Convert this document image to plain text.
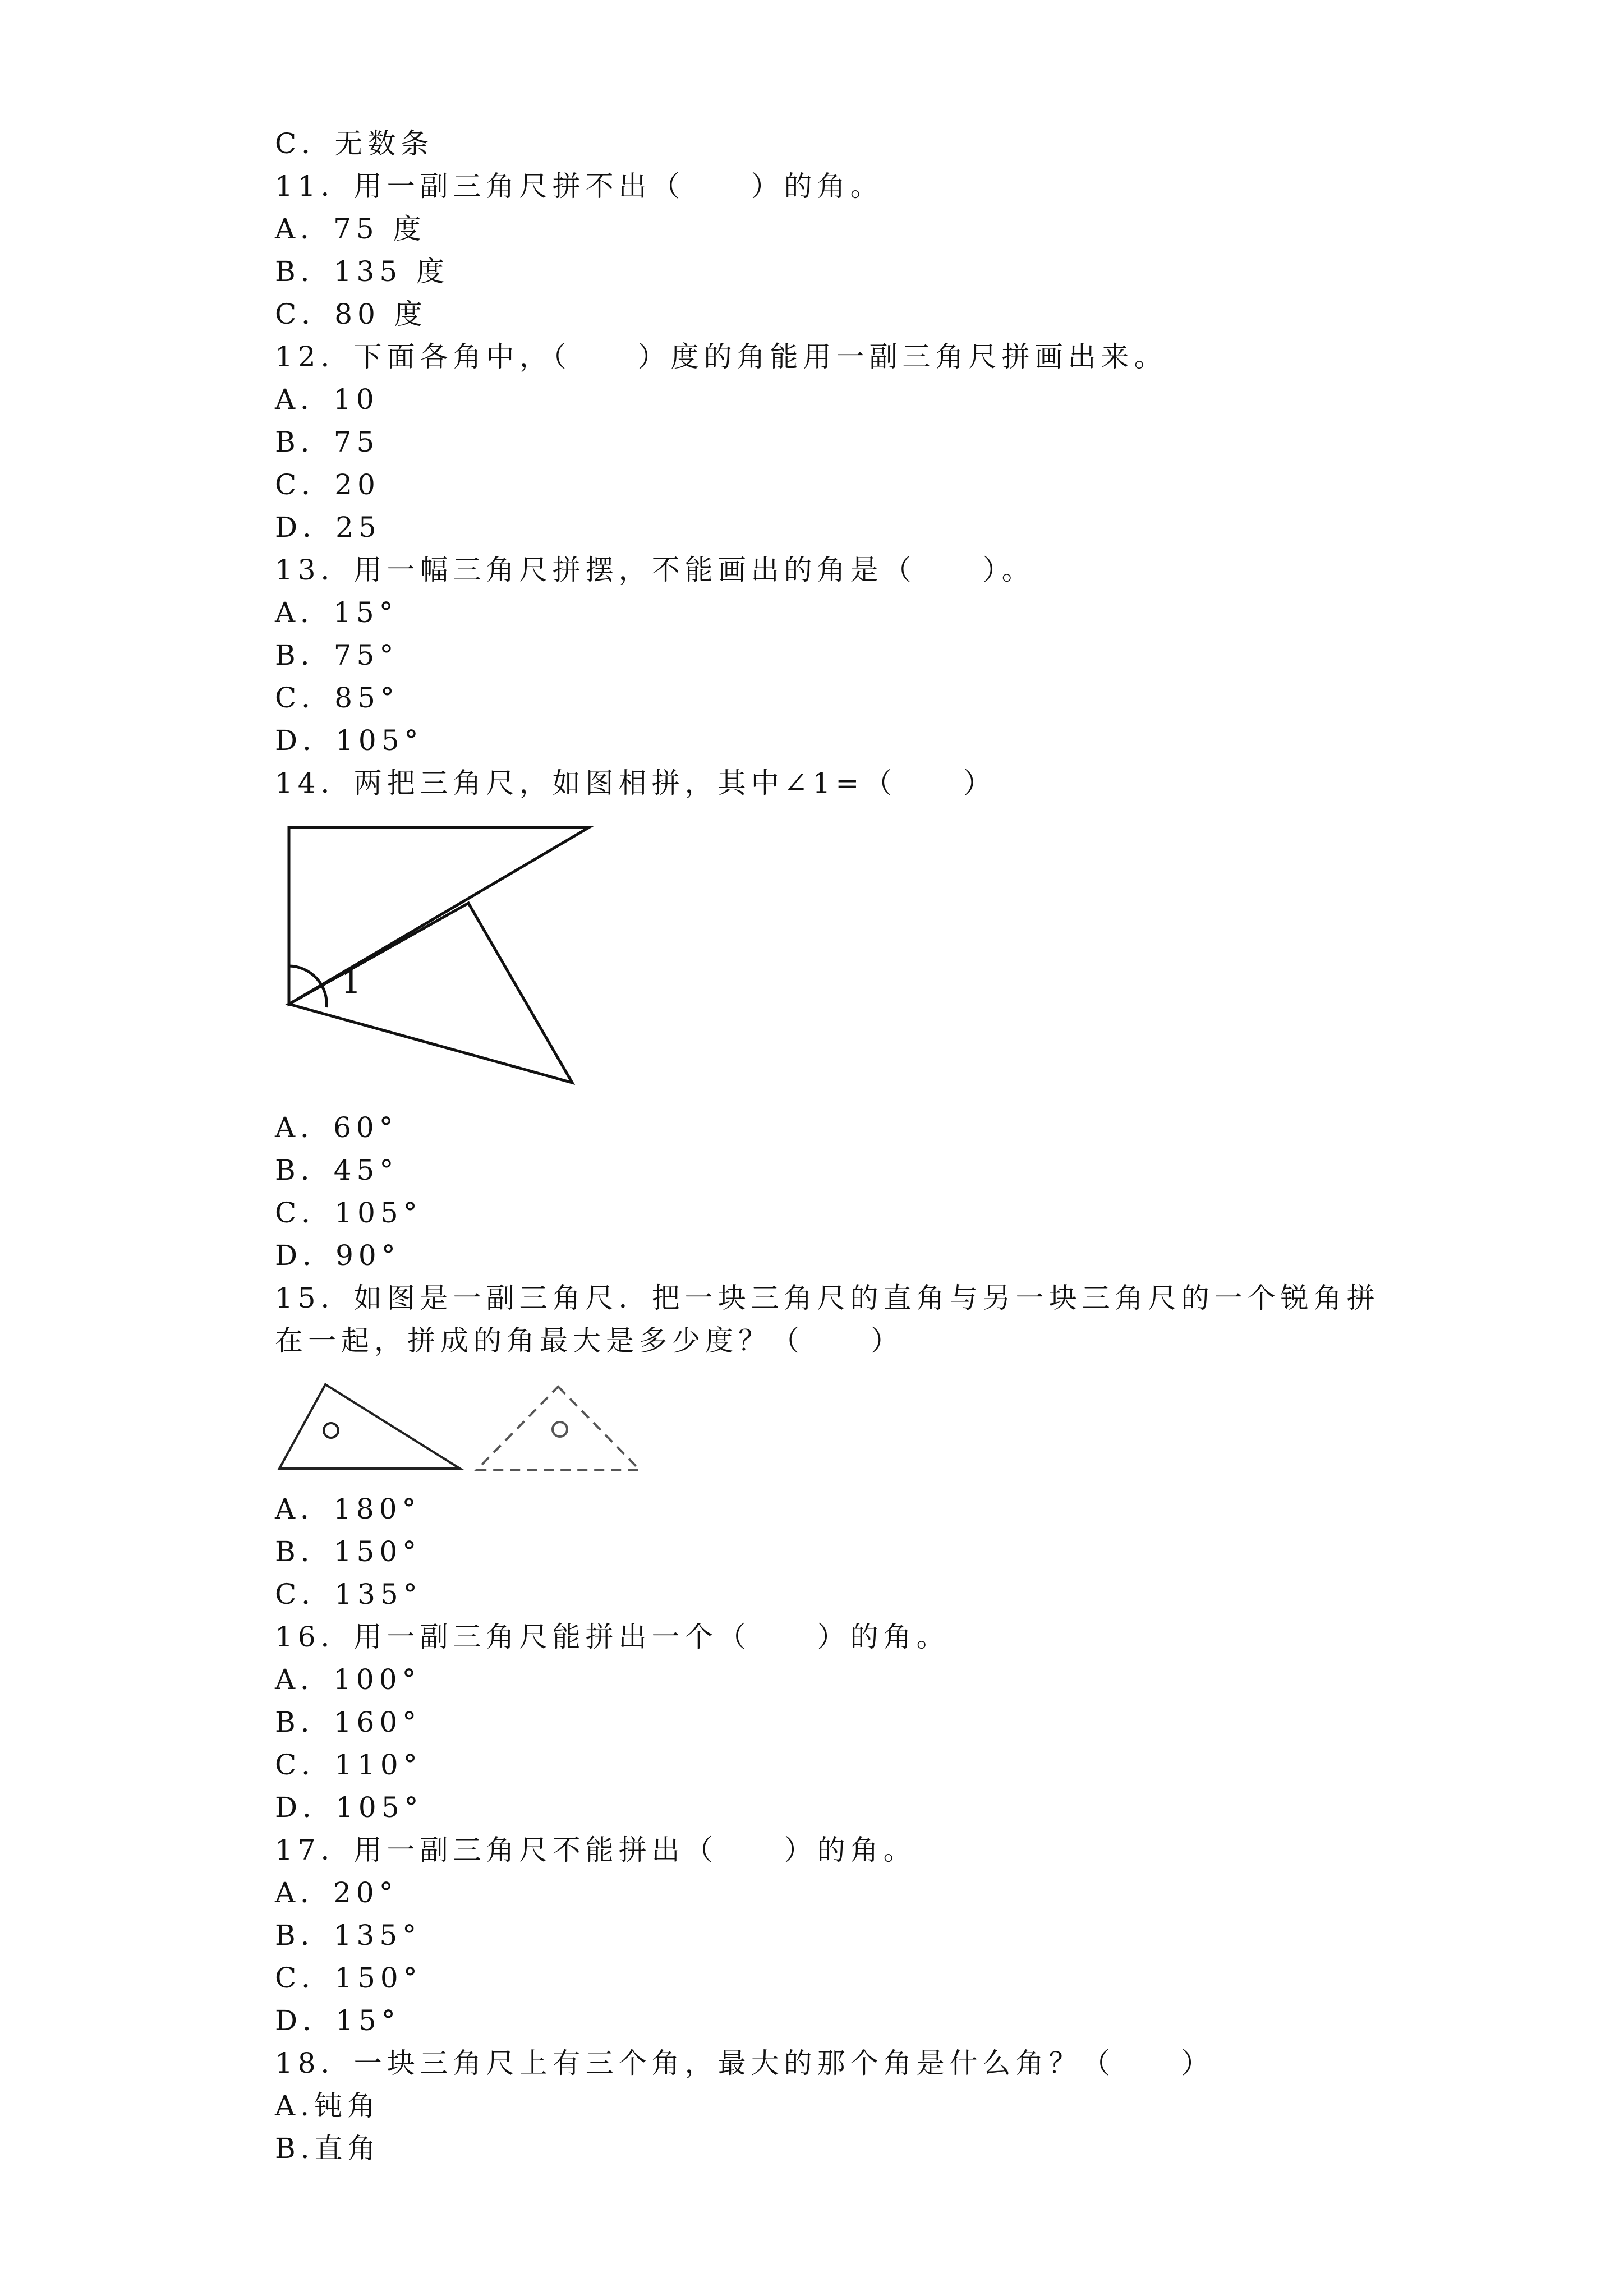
C．无数条
11．用一副三角尺拼不出（　　）的角。
A．75 度
B．135 度
C．80 度
12．下面各角中，（　　）度的角能用一副三角尺拼画出来。
A．10
B．75
C．20
D．25
13．用一幅三角尺拼摆，不能画出的角是（　　）。
A．15°
B．75°
C．85°
D．105°
14．两把三角尺，如图相拼，其中∠1=（　　）
1
A．60°
B．45°
C．105°
D．90°
15．如图是一副三角尺．把一块三角尺的直角与另一块三角尺的一个锐角拼
在一起，拼成的角最大是多少度？（　　）
A．180°
B．150°
C．135°
16．用一副三角尺能拼出一个（　　）的角。
A．100°
B．160°
C．110°
D．105°
17．用一副三角尺不能拼出（　　）的角。
A．20°
B．135°
C．150°
D．15°
18．一块三角尺上有三个角，最大的那个角是什么角？（　　）
A.钝角
B.直角
